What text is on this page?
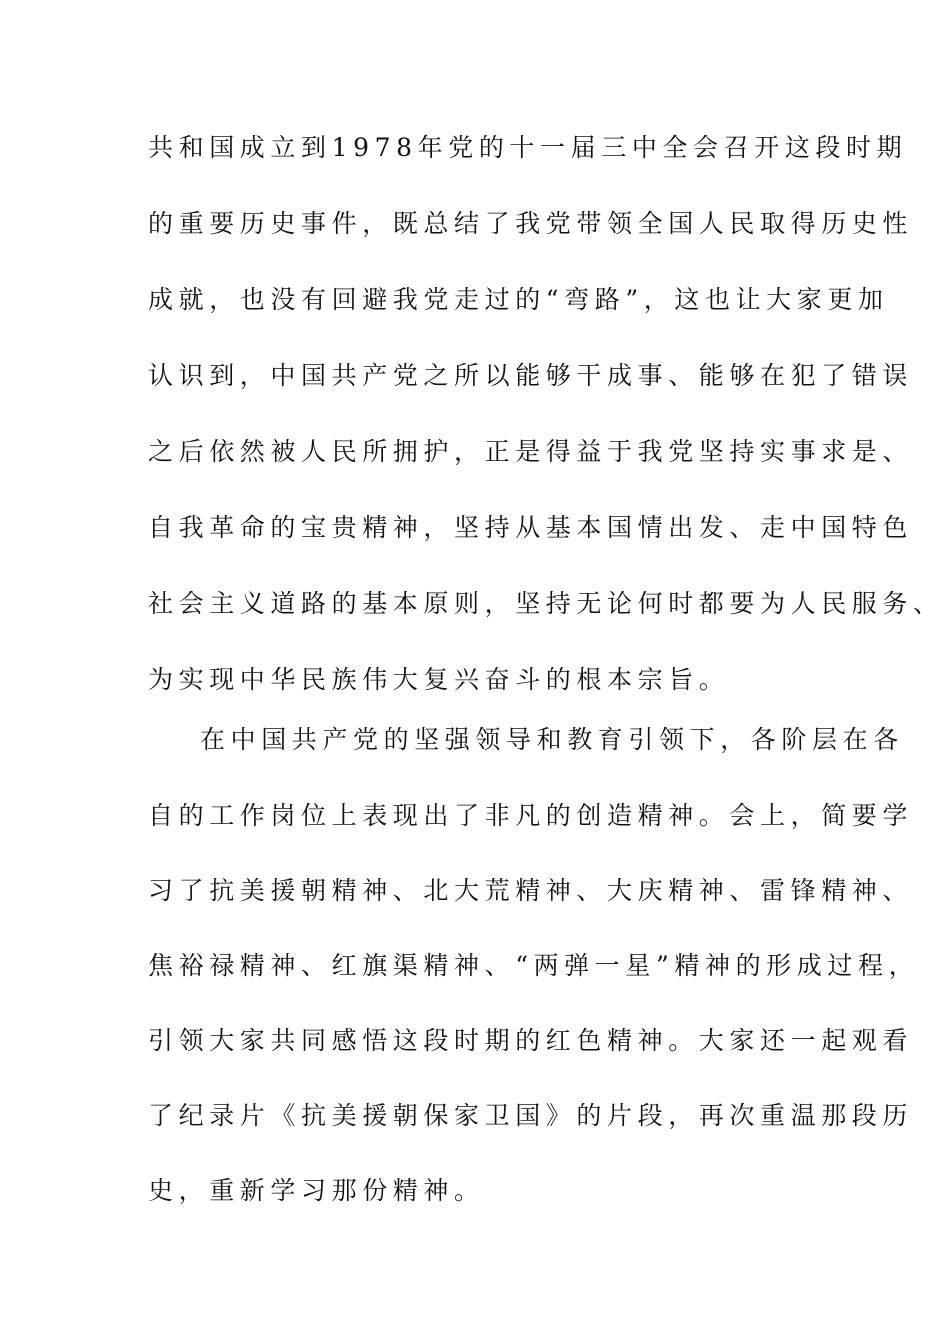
共和国成立到1978年党的十一届三中全会召开这段时期
的重要历史事件，既总结了我党带领全国人民取得历史性
成就，也没有回避我党走过的“弯路”，这也让大家更加
认识到，中国共产党之所以能够干成事、能够在犯了错误
之后依然被人民所拥护，正是得益于我党坚持实事求是、
自我革命的宝贵精神，坚持从基本国情出发、走中国特色
社会主义道路的基本原则，坚持无论何时都要为人民服务、
为实现中华民族伟大复兴奋斗的根本宗旨。
在中国共产党的坚强领导和教育引领下，各阶层在各
自的工作岗位上表现出了非凡的创造精神。会上，简要学
习了抗美援朝精神、北大荒精神、大庆精神、雷锋精神、
焦裕禄精神、红旗渠精神、“两弹一星”精神的形成过程，
引领大家共同感悟这段时期的红色精神。大家还一起观看
了纪录片《抗美援朝保家卫国》的片段，再次重温那段历
史，重新学习那份精神。
